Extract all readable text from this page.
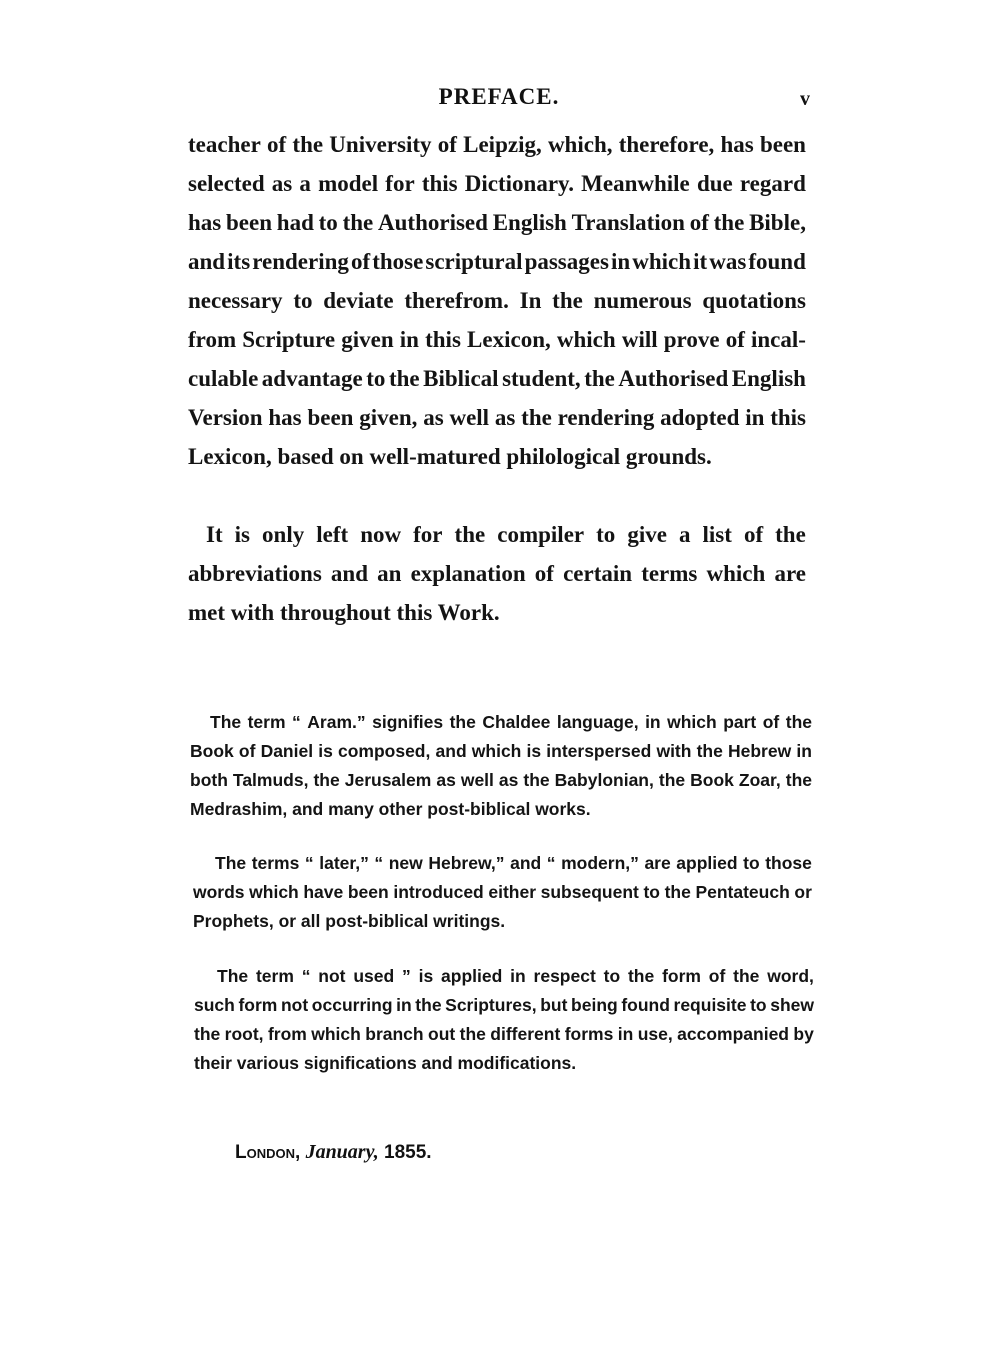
PREFACE.	v
teacher of the University of Leipzig, which, therefore, has been
selected as a model for this Dictionary. Meanwhile due regard
has been had to the Authorised English Translation of the Bible,
and its rendering of those scriptural passages in which it was found
necessary to deviate therefrom. In the numerous quotations
from Scripture given in this Lexicon, which will prove of incal-
culable advantage to the Biblical student, the Authorised English
Version has been given, as well as the rendering adopted in this
Lexicon, based on well-matured philological grounds.
It is only left now for the compiler to give a list of the
abbreviations and an explanation of certain terms which are
met with throughout this Work.
The term “ Aram.” signifies the Chaldee language, in which part of the
Book of Daniel is composed, and which is interspersed with the Hebrew in
both Talmuds, the Jerusalem as well as the Babylonian, the Book Zoar, the
Medrashim, and many other post-biblical works.
The terms “ later,” “ new Hebrew,” and “ modern,” are applied to those
words which have been introduced either subsequent to the Pentateuch or
Prophets, or all post-biblical writings.
The term “ not used ” is applied in respect to the form of the word,
such form not occurring in the Scriptures, but being found requisite to shew
the root, from which branch out the different forms in use, accompanied by
their various significations and modifications.
London, January, 1855.
